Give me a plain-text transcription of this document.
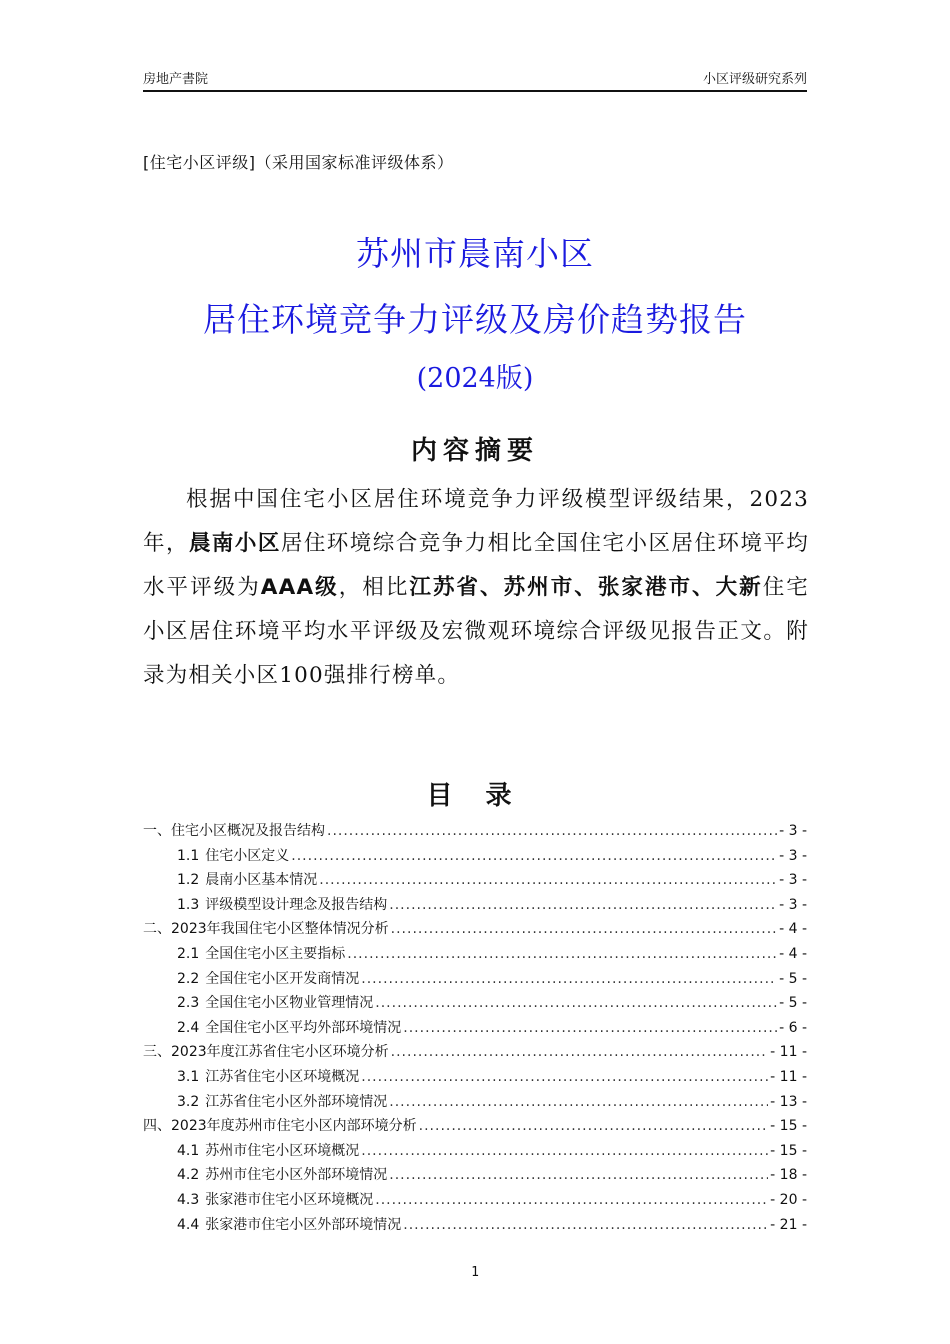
房地产書院	小区评级研究系列
[住宅小区评级]（采用国家标准评级体系）
苏州市晨南小区
居住环境竞争力评级及房价趋势报告
(2024版)
内容摘要
根据中国住宅小区居住环境竞争力评级模型评级结果，2023年，晨南小区居住环境综合竞争力相比全国住宅小区居住环境平均水平评级为AAA级，相比江苏省、苏州市、张家港市、大新住宅小区居住环境平均水平评级及宏微观环境综合评级见报告正文。附录为相关小区100强排行榜单。
目 录
一、 住宅小区概况及报告结构 .....	- 3 -
1.1 住宅小区定义 .....	- 3 -
1.2 晨南小区基本情况 .....	- 3 -
1.3 评级模型设计理念及报告结构 .....	- 3 -
二、 2023年我国住宅小区整体情况分析 .....	- 4 -
2.1 全国住宅小区主要指标 .....	- 4 -
2.2 全国住宅小区开发商情况 .....	- 5 -
2.3 全国住宅小区物业管理情况 .....	- 5 -
2.4 全国住宅小区平均外部环境情况 .....	- 6 -
三、 2023年度江苏省住宅小区环境分析 .....	- 11 -
3.1 江苏省住宅小区环境概况 .....	- 11 -
3.2 江苏省住宅小区外部环境情况 .....	- 13 -
四、 2023年度苏州市住宅小区内部环境分析 .....	- 15 -
4.1 苏州市住宅小区环境概况 .....	- 15 -
4.2 苏州市住宅小区外部环境情况 .....	- 18 -
4.3 张家港市住宅小区环境概况 .....	- 20 -
4.4 张家港市住宅小区外部环境情况 .....	- 21 -
1
